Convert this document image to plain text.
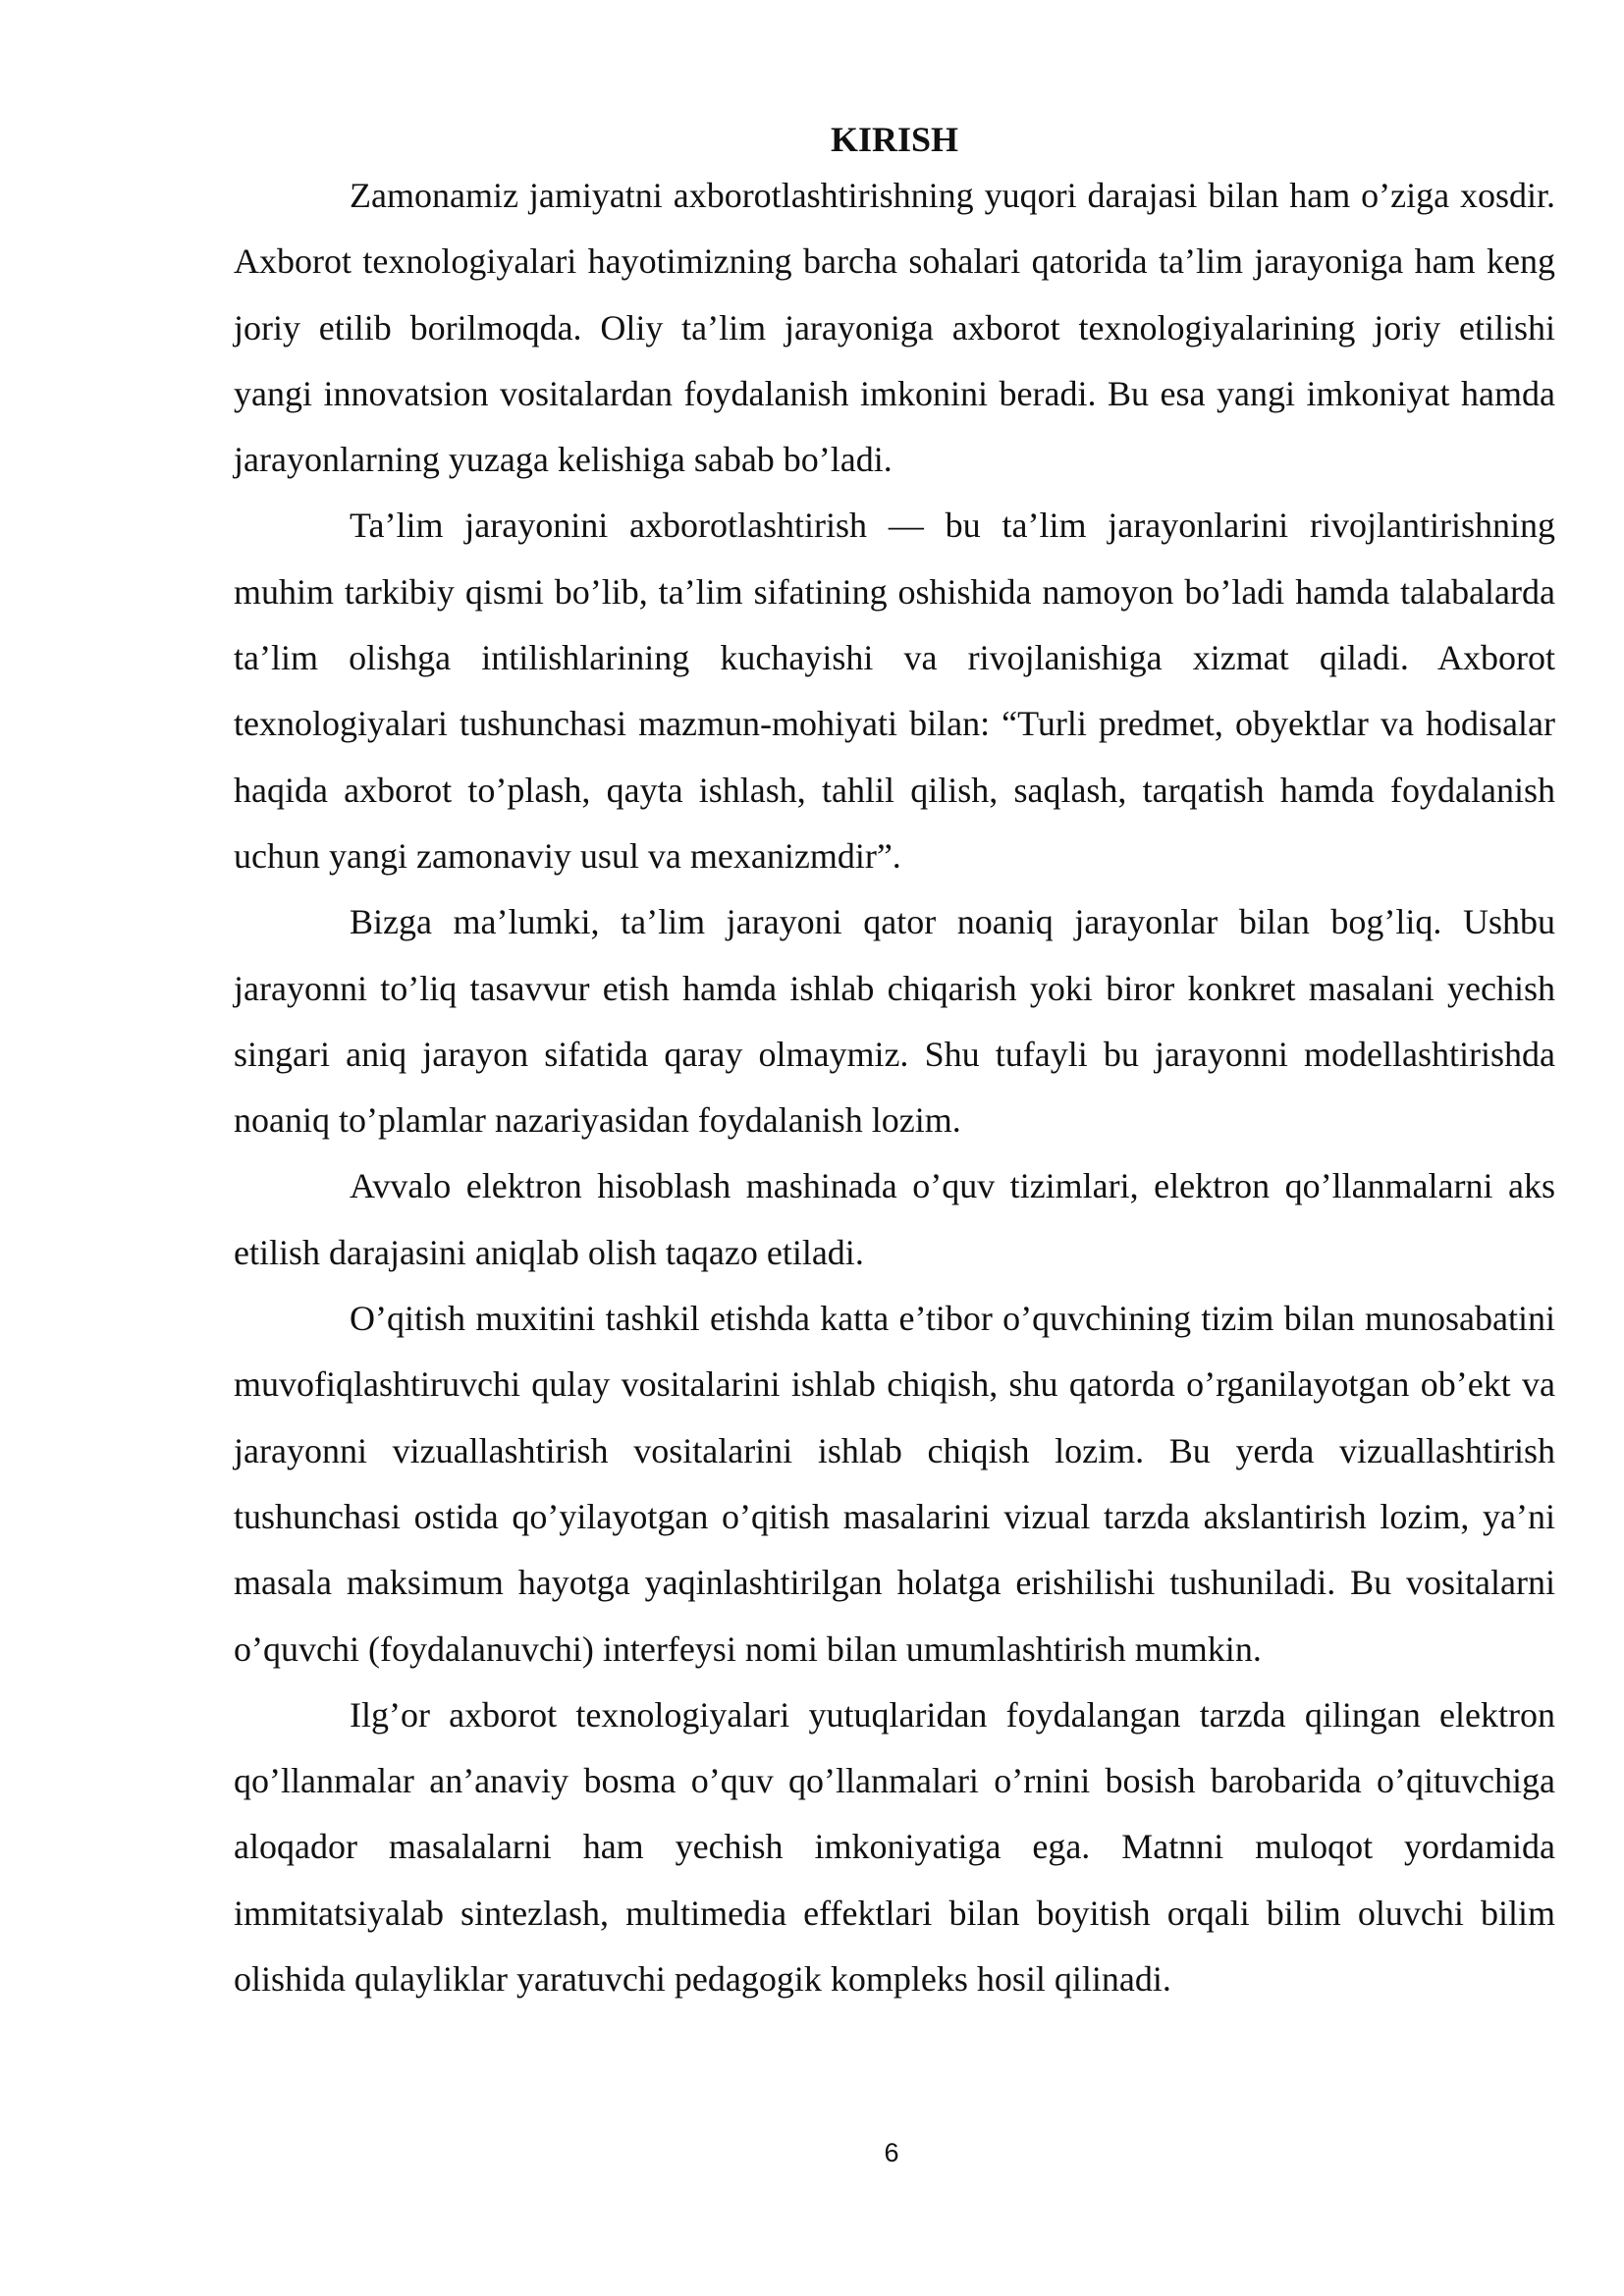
KIRISH

Zamonamiz jamiyatni axborotlashtirishning yuqori darajasi bilan ham o’ziga xosdir. Axborot texnologiyalari hayotimizning barcha sohalari qatorida ta’lim jarayoniga ham keng joriy etilib borilmoqda. Oliy ta’lim jarayoniga axborot texnologiyalarining joriy etilishi yangi innovatsion vositalardan foydalanish imkonini beradi. Bu esa yangi imkoniyat hamda jarayonlarning yuzaga kelishiga sabab bo’ladi.

Ta’lim jarayonini axborotlashtirish — bu ta’lim jarayonlarini rivojlantirishning muhim tarkibiy qismi bo’lib, ta’lim sifatining oshishida namoyon bo’ladi hamda talabalarda ta’lim olishga intilishlarining kuchayishi va rivojlanishiga xizmat qiladi. Axborot texnologiyalari tushunchasi mazmun-mohiyati bilan: “Turli predmet, obyektlar va hodisalar haqida axborot to’plash, qayta ishlash, tahlil qilish, saqlash, tarqatish hamda foydalanish uchun yangi zamonaviy usul va mexanizmdir”.

Bizga ma’lumki, ta’lim jarayoni qator noaniq jarayonlar bilan bog’liq. Ushbu jarayonni to’liq tasavvur etish hamda ishlab chiqarish yoki biror konkret masalani yechish singari aniq jarayon sifatida qaray olmaymiz. Shu tufayli bu jarayonni modellashtirishda noaniq to’plamlar nazariyasidan foydalanish lozim.

Avvalo elektron hisoblash mashinada o’quv tizimlari, elektron qo’llanmalarni aks etilish darajasini aniqlab olish taqazo etiladi.

O’qitish muxitini tashkil etishda katta e’tibor o’quvchining tizim bilan munosabatini muvofiqlashtiruvchi qulay vositalarini ishlab chiqish, shu qatorda o’rganilayotgan ob’ekt va jarayonni vizuallashtirish vositalarini ishlab chiqish lozim. Bu yerda vizuallashtirish tushunchasi ostida qo’yilayotgan o’qitish masalarini vizual tarzda akslantirish lozim, ya’ni masala maksimum hayotga yaqinlashtirilgan holatga erishilishi tushuniladi. Bu vositalarni o’quvchi (foydalanuvchi) interfeysi nomi bilan umumlashtirish mumkin.

Ilg’or axborot texnologiyalari yutuqlaridan foydalangan tarzda qilingan elektron qo’llanmalar an’anaviy bosma o’quv qo’llanmalari o’rnini bosish barobarida o’qituvchiga aloqador masalalarni ham yechish imkoniyatiga ega. Matnni muloqot yordamida immitatsiyalab sintezlash, multimedia effektlari bilan boyitish orqali bilim oluvchi bilim olishida qulayliklar yaratuvchi pedagogik kompleks hosil qilinadi.

6
